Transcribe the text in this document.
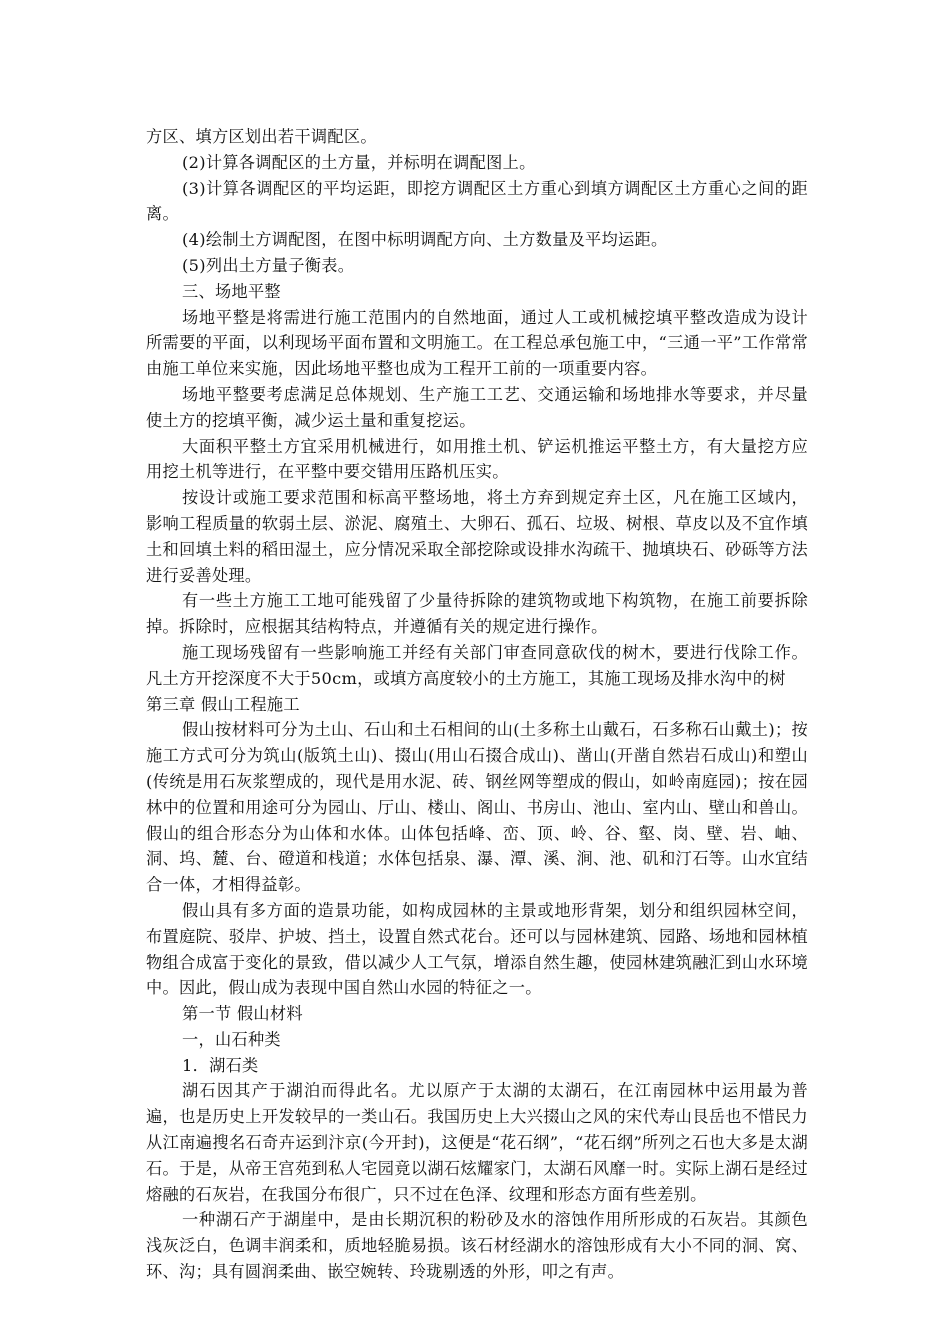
方区、填方区划出若干调配区。

(2)计算各调配区的土方量，并标明在调配图上。

(3)计算各调配区的平均运距，即挖方调配区土方重心到填方调配区土方重心之间的距离。

(4)绘制土方调配图，在图中标明调配方向、土方数量及平均运距。

(5)列出土方量子衡表。

三、场地平整

场地平整是将需进行施工范围内的自然地面，通过人工或机械挖填平整改造成为设计所需要的平面，以利现场平面布置和文明施工。在工程总承包施工中，“三通一平”工作常常由施工单位来实施，因此场地平整也成为工程开工前的一项重要内容。

场地平整要考虑满足总体规划、生产施工工艺、交通运输和场地排水等要求，并尽量使土方的挖填平衡，减少运土量和重复挖运。

大面积平整土方宜采用机械进行，如用推土机、铲运机推运平整土方，有大量挖方应用挖土机等进行，在平整中要交错用压路机压实。

按设计或施工要求范围和标高平整场地，将土方弃到规定弃土区，凡在施工区域内，影响工程质量的软弱土层、淤泥、腐殖土、大卵石、孤石、垃圾、树根、草皮以及不宜作填土和回填土料的稻田湿土，应分情况采取全部挖除或设排水沟疏干、抛填块石、砂砾等方法进行妥善处理。

有一些土方施工工地可能残留了少量待拆除的建筑物或地下构筑物，在施工前要拆除掉。拆除时，应根据其结构特点，并遵循有关的规定进行操作。

施工现场残留有一些影响施工并经有关部门审查同意砍伐的树木，要进行伐除工作。凡土方开挖深度不大于50cm，或填方高度较小的土方施工，其施工现场及排水沟中的树

第三章 假山工程施工

假山按材料可分为土山、石山和土石相间的山(土多称土山戴石，石多称石山戴土)；按施工方式可分为筑山(版筑土山)、掇山(用山石掇合成山)、凿山(开凿自然岩石成山)和塑山(传统是用石灰浆塑成的，现代是用水泥、砖、钢丝网等塑成的假山，如岭南庭园)；按在园林中的位置和用途可分为园山、厅山、楼山、阁山、书房山、池山、室内山、壁山和兽山。假山的组合形态分为山体和水体。山体包括峰、峦、顶、岭、谷、壑、岗、壁、岩、岫、洞、坞、麓、台、磴道和栈道；水体包括泉、瀑、潭、溪、涧、池、矶和汀石等。山水宜结合一体，才相得益彰。

假山具有多方面的造景功能，如构成园林的主景或地形背架，划分和组织园林空间，布置庭院、驳岸、护坡、挡土，设置自然式花台。还可以与园林建筑、园路、场地和园林植物组合成富于变化的景致，借以减少人工气氛，增添自然生趣，使园林建筑融汇到山水环境中。因此，假山成为表现中国自然山水园的特征之一。

第一节 假山材料

一，山石种类

1．湖石类

湖石因其产于湖泊而得此名。尤以原产于太湖的太湖石，在江南园林中运用最为普遍，也是历史上开发较早的一类山石。我国历史上大兴掇山之风的宋代寿山艮岳也不惜民力从江南遍搜名石奇卉运到汴京(今开封)，这便是“花石纲”，“花石纲”所列之石也大多是太湖石。于是，从帝王宫苑到私人宅园竟以湖石炫耀家门，太湖石风靡一时。实际上湖石是经过熔融的石灰岩，在我国分布很广，只不过在色泽、纹理和形态方面有些差别。

一种湖石产于湖崖中，是由长期沉积的粉砂及水的溶蚀作用所形成的石灰岩。其颜色浅灰泛白，色调丰润柔和，质地轻脆易损。该石材经湖水的溶蚀形成有大小不同的洞、窝、环、沟；具有圆润柔曲、嵌空婉转、玲珑剔透的外形，叩之有声。
